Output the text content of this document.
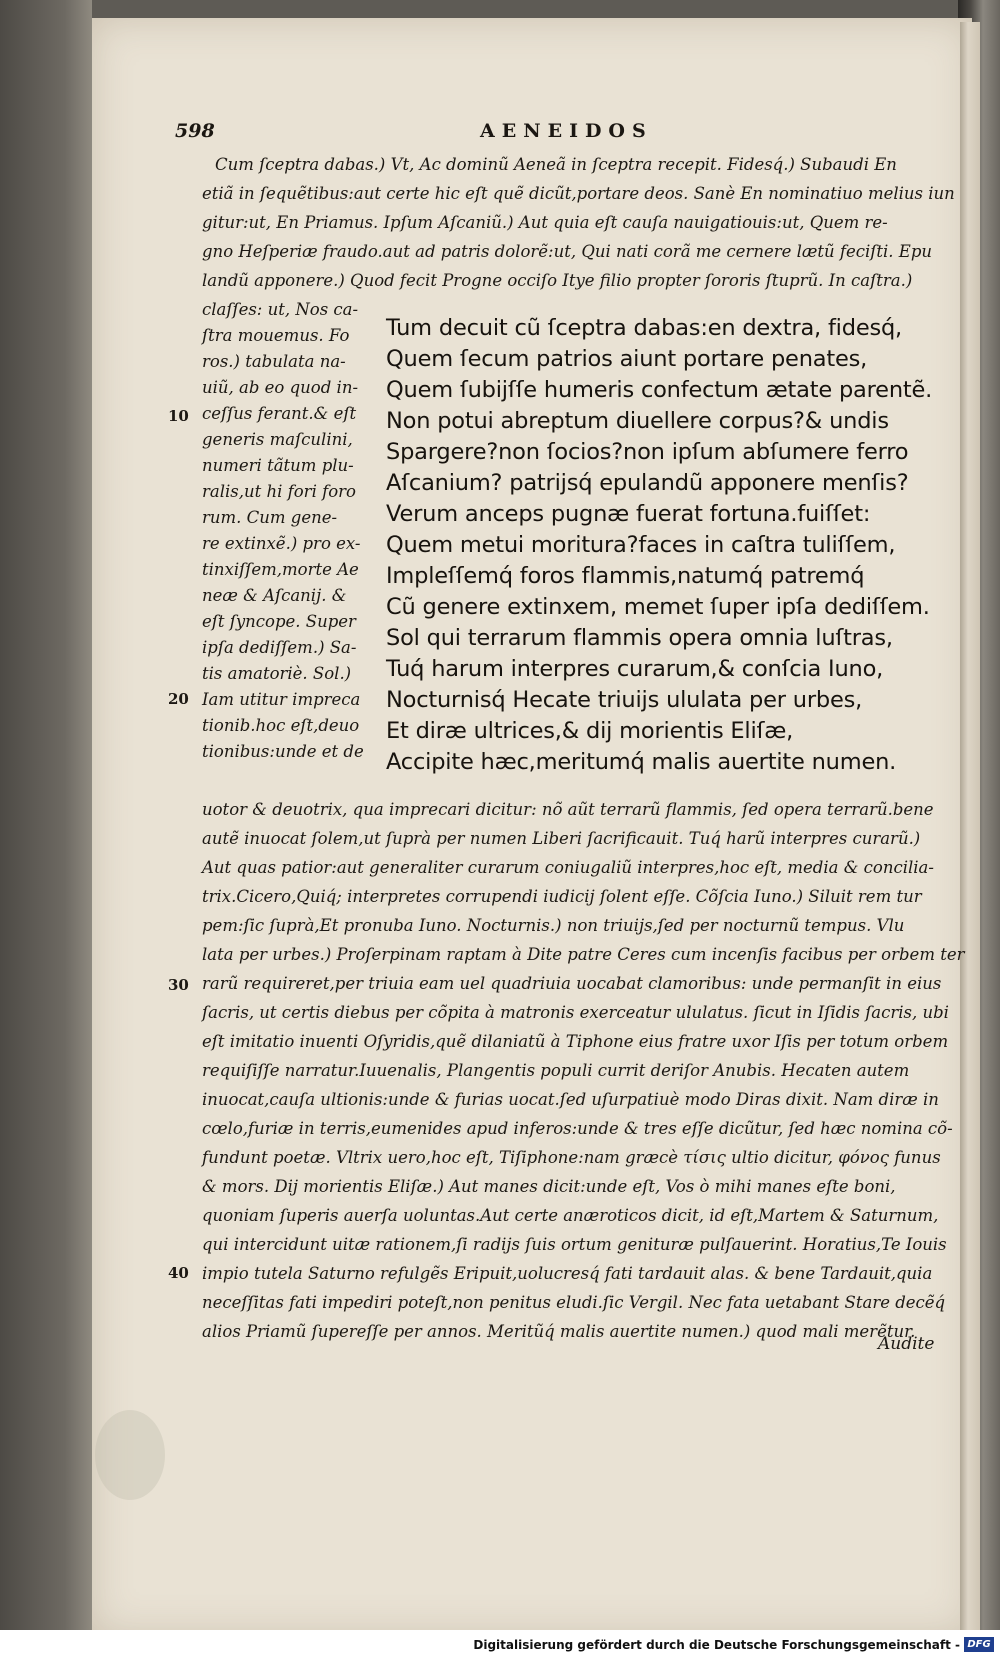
598	AENEIDOS
Cum ſceptra dabas.) Vt, Ac dominũ Aeneã in ſceptra recepit. Fidesq́.) Subaudi En
etiã in ſequẽtibus:aut certe hic eſt quẽ dicũt,portare deos. Sanè En nominatiuo melius iun
gitur:ut, En Priamus. Ipſum Aſcaniũ.) Aut quia eſt cauſa nauigatiouis:ut, Quem re-
gno Heſperiæ fraudo.aut ad patris dolorẽ:ut, Qui nati corã me cernere lætũ feciſti. Epu
landũ apponere.) Quod fecit Progne occiſo Itye filio propter ſororis ſtuprũ. In caſtra.)
claſſes: ut, Nos ca-
ſtra mouemus. Fo
ros.) tabulata na-
uiũ, ab eo quod in-
ceſſus ferant.& eſt
generis maſculini,
numeri tãtum plu-
ralis,ut hi fori foro
rum. Cum gene-
re extinxẽ.) pro ex-
tinxiſſem,morte Ae
neæ & Aſcanij. &
eſt ſyncope. Super
ipſa dediſſem.) Sa-
tis amatoriè. Sol.)
Iam utitur impreca
tionib.hoc eſt,deuo
tionibus:unde et de
Tum decuit cũ ſceptra dabas:en dextra, fidesq́,
Quem ſecum patrios aiunt portare penates,
Quem ſubijſſe humeris confectum ætate parentẽ.
Non potui abreptum diuellere corpus?& undis
Spargere?non ſocios?non ipſum abſumere ferro
Aſcanium? patrijsq́ epulandũ apponere menſis?
Verum anceps pugnæ fuerat fortuna.fuiſſet:
Quem metui moritura?faces in caſtra tuliſſem,
Impleſſemq́ foros flammis,natumq́ patremq́
Cũ genere extinxem, memet ſuper ipſa dediſſem.
Sol qui terrarum flammis opera omnia luſtras,
Tuq́ harum interpres curarum,& conſcia Iuno,
Nocturnisq́ Hecate triuijs ululata per urbes,
Et diræ ultrices,& dij morientis Eliſæ,
Accipite hæc,meritumq́ malis auertite numen.
uotor & deuotrix, qua imprecari dicitur: nõ aũt terrarũ flammis, ſed opera terrarũ.bene
autẽ inuocat ſolem,ut ſuprà per numen Liberi ſacrificauit. Tuq́ harũ interpres curarũ.)
Aut quas patior:aut generaliter curarum coniugaliũ interpres,hoc eſt, media & concilia-
trix.Cicero,Quiq́; interpretes corrupendi iudicij ſolent eſſe. Cõſcia Iuno.) Siluit rem tur
pem:ſic ſuprà,Et pronuba Iuno. Nocturnis.) non triuijs,ſed per nocturnũ tempus. Vlu
lata per urbes.) Proſerpinam raptam à Dite patre Ceres cum incenſis facibus per orbem ter
rarũ requireret,per triuia eam uel quadriuia uocabat clamoribus: unde permanſit in eius
ſacris, ut certis diebus per cõpita à matronis exerceatur ululatus. ſicut in Iſidis ſacris, ubi
eſt imitatio inuenti Oſyridis,quẽ dilaniatũ à Tiphone eius fratre uxor Iſis per totum orbem
requiſiſſe narratur.Iuuenalis, Plangentis populi currit deriſor Anubis. Hecaten autem
inuocat,cauſa ultionis:unde & furias uocat.ſed uſurpatiuè modo Diras dixit. Nam diræ in
cœlo,furiæ in terris,eumenides apud inferos:unde & tres eſſe dicũtur, ſed hæc nomina cõ-
fundunt poetæ. Vltrix uero,hoc eſt, Tiſiphone:nam græcè τίσις ultio dicitur, φόνος funus
& mors. Dij morientis Eliſæ.) Aut manes dicit:unde eſt, Vos ò mihi manes eſte boni,
quoniam ſuperis auerſa uoluntas.Aut certe anæroticos dicit, id eſt,Martem & Saturnum,
qui intercidunt uitæ rationem,ſi radijs ſuis ortum genituræ pulſauerint. Horatius,Te Iouis
impio tutela Saturno refulgẽs Eripuit,uolucresq́ fati tardauit alas. & bene Tardauit,quia
neceſſitas fati impediri poteſt,non penitus eludi.ſic Vergil. Nec fata uetabant Stare decẽq́
alios Priamũ ſupereſſe per annos. Meritũq́ malis auertite numen.) quod mali merẽtur.
10
20
30
40
Audite
Digitalisierung gefördert durch die Deutsche Forschungsgemeinschaft - DFG
